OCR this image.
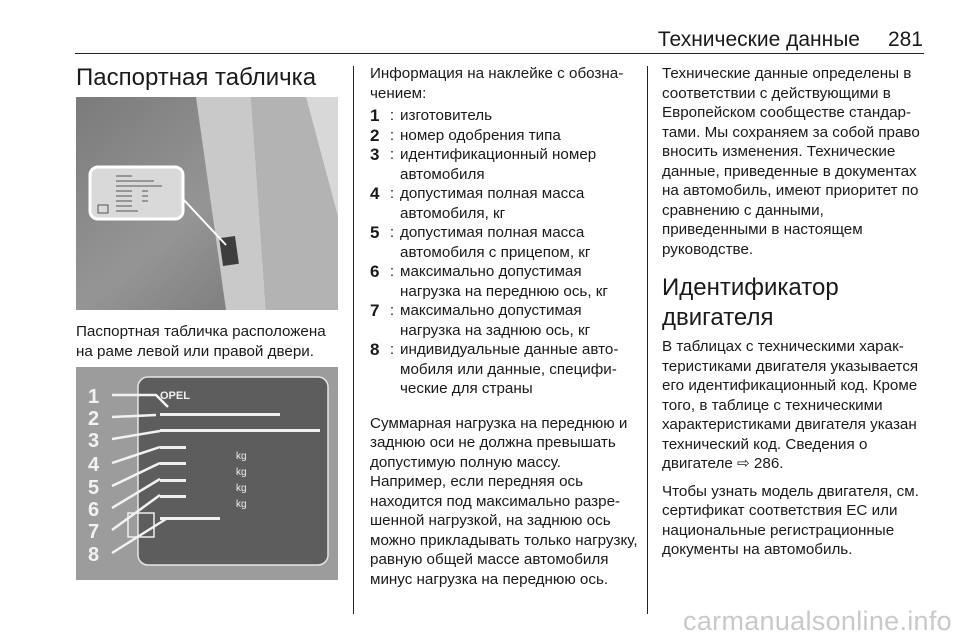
Технические данные 281
Паспортная табличка
Паспортная табличка расположена на раме левой или правой двери.
OPEL
kg
kg
kg
kg
1
2
3
4
5
6
7
8

Информация на наклейке с обозначением:

1 : изготовитель
2 : номер одобрения типа
3 : идентификационный номер автомобиля
4 : допустимая полная масса автомобиля, кг
5 : допустимая полная масса автомобиля с прицепом, кг
6 : максимально допустимая нагрузка на переднюю ось, кг
7 : максимально допустимая нагрузка на заднюю ось, кг
8 : индивидуальные данные автомобиля или данные, специфические для страны

Суммарная нагрузка на переднюю и заднюю оси не должна превышать допустимую полную массу. Например, если передняя ось находится под максимально разрешенной нагрузкой, на заднюю ось можно прикладывать только нагрузку, равную общей массе автомобиля минус нагрузка на переднюю ось.

Технические данные определены в соответствии с действующими в Европейском сообществе стандартами. Мы сохраняем за собой право вносить изменения. Технические данные, приведенные в документах на автомобиль, имеют приоритет по сравнению с данными, приведенными в настоящем руководстве.

Идентификатор двигателя

В таблицах с техническими характеристиками двигателя указывается его идентификационный код. Кроме того, в таблице с техническими характеристиками двигателя указан технический код. Сведения о двигателе ⇨ 286.

Чтобы узнать модель двигателя, см. сертификат соответствия ЕС или национальные регистрационные документы на автомобиль.

carmanualsonline.info
